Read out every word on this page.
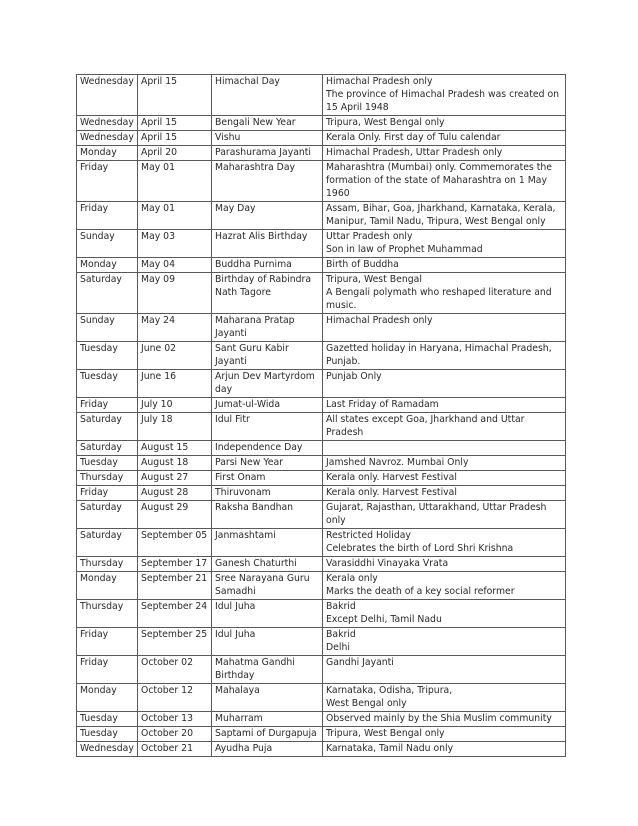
Wednesday	April 15	Himachal Day	Himachal Pradesh only
The province of Himachal Pradesh was created on
15 April 1948

Wednesday	April 15	Bengali New Year	Tripura, West Bengal only

Wednesday	April 15	Vishu	Kerala Only. First day of Tulu calendar

Monday	April 20	Parashurama Jayanti	Himachal Pradesh, Uttar Pradesh only

Friday	May 01	Maharashtra Day	Maharashtra (Mumbai) only. Commemorates the
formation of the state of Maharashtra on 1 May
1960

Friday	May 01	May Day	Assam, Bihar, Goa, Jharkhand, Karnataka, Kerala,
Manipur, Tamil Nadu, Tripura, West Bengal only

Sunday	May 03	Hazrat Alis Birthday	Uttar Pradesh only
Son in law of Prophet Muhammad

Monday	May 04	Buddha Purnima	Birth of Buddha

Saturday	May 09	Birthday of Rabindra
Nath Tagore	Tripura, West Bengal
A Bengali polymath who reshaped literature and
music.

Sunday	May 24	Maharana Pratap
Jayanti	Himachal Pradesh only

Tuesday	June 02	Sant Guru Kabir
Jayanti	Gazetted holiday in Haryana, Himachal Pradesh,
Punjab.

Tuesday	June 16	Arjun Dev Martyrdom
day	Punjab Only

Friday	July 10	Jumat-ul-Wida	Last Friday of Ramadam

Saturday	July 18	Idul Fitr	All states except Goa, Jharkhand and Uttar
Pradesh

Saturday	August 15	Independence Day	

Tuesday	August 18	Parsi New Year	Jamshed Navroz. Mumbai Only

Thursday	August 27	First Onam	Kerala only. Harvest Festival

Friday	August 28	Thiruvonam	Kerala only. Harvest Festival

Saturday	August 29	Raksha Bandhan	Gujarat, Rajasthan, Uttarakhand, Uttar Pradesh
only

Saturday	September 05	Janmashtami	Restricted Holiday
Celebrates the birth of Lord Shri Krishna

Thursday	September 17	Ganesh Chaturthi	Varasiddhi Vinayaka Vrata

Monday	September 21	Sree Narayana Guru
Samadhi	Kerala only
Marks the death of a key social reformer

Thursday	September 24	Idul Juha	Bakrid
Except Delhi, Tamil Nadu

Friday	September 25	Idul Juha	Bakrid
Delhi

Friday	October 02	Mahatma Gandhi
Birthday	Gandhi Jayanti

Monday	October 12	Mahalaya	Karnataka, Odisha, Tripura,
West Bengal only

Tuesday	October 13	Muharram	Observed mainly by the Shia Muslim community

Tuesday	October 20	Saptami of Durgapuja	Tripura, West Bengal only

Wednesday	October 21	Ayudha Puja	Karnataka, Tamil Nadu only
